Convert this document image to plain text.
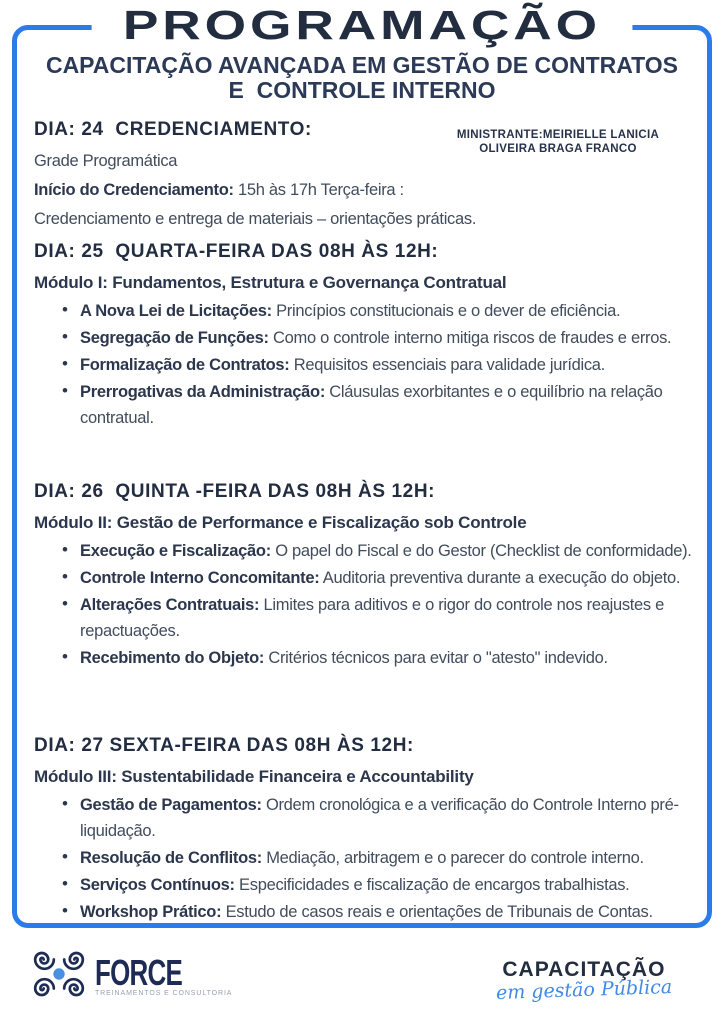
PROGRAMAÇÃO
CAPACITAÇÃO AVANÇADA EM GESTÃO DE CONTRATOS
E  CONTROLE INTERNO
DIA: 24  CREDENCIAMENTO:	MINISTRANTE:MEIRIELLE LANICIA
OLIVEIRA BRAGA FRANCO

Grade Programática

Início do Credenciamento: 15h às 17h Terça-feira :

Credenciamento e entrega de materiais – orientações práticas.

DIA: 25  QUARTA-FEIRA DAS 08H ÀS 12H:

Módulo I: Fundamentos, Estrutura e Governança Contratual

• A Nova Lei de Licitações: Princípios constitucionais e o dever de eficiência.
• Segregação de Funções: Como o controle interno mitiga riscos de fraudes e erros.
• Formalização de Contratos: Requisitos essenciais para validade jurídica.
• Prerrogativas da Administração: Cláusulas exorbitantes e o equilíbrio na relação contratual.
DIA: 26  QUINTA -FEIRA DAS 08H ÀS 12H:

Módulo II: Gestão de Performance e Fiscalização sob Controle

• Execução e Fiscalização: O papel do Fiscal e do Gestor (Checklist de conformidade).
• Controle Interno Concomitante: Auditoria preventiva durante a execução do objeto.
• Alterações Contratuais: Limites para aditivos e o rigor do controle nos reajustes e repactuações.
• Recebimento do Objeto: Critérios técnicos para evitar o "atesto" indevido.
DIA: 27 SEXTA-FEIRA DAS 08H ÀS 12H:

Módulo III: Sustentabilidade Financeira e Accountability

• Gestão de Pagamentos: Ordem cronológica e a verificação do Controle Interno pré-liquidação.
• Resolução de Conflitos: Mediação, arbitragem e o parecer do controle interno.
• Serviços Contínuos: Especificidades e fiscalização de encargos trabalhistas.
• Workshop Prático: Estudo de casos reais e orientações de Tribunais de Contas.
FORCE
TREINAMENTOS E CONSULTORIA
CAPACITAÇÃO
em gestão Pública
